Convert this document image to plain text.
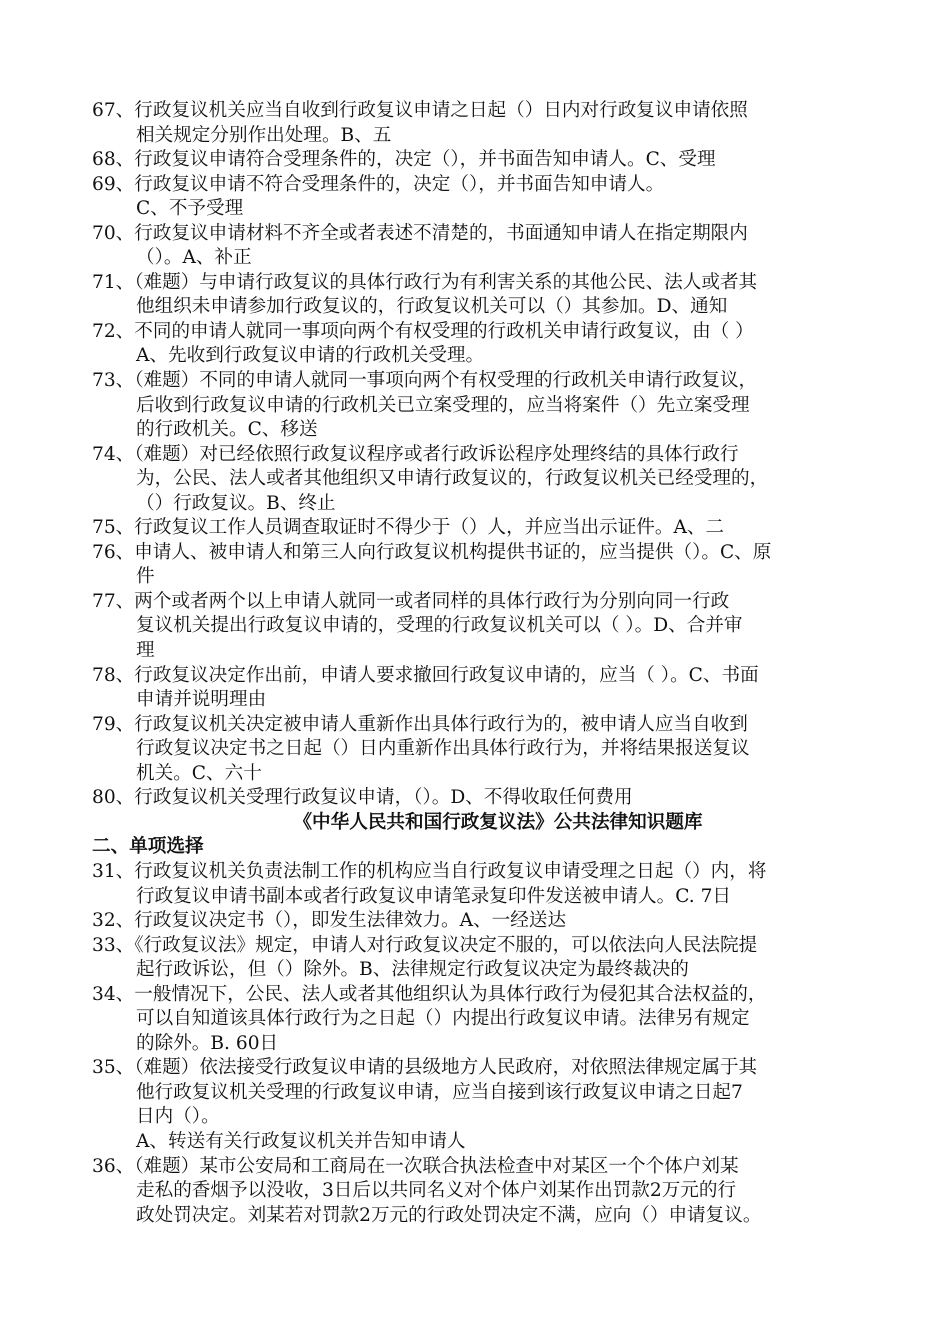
67、行政复议机关应当自收到行政复议申请之日起（）日内对行政复议申请依照
相关规定分别作出处理。B、五
68、行政复议申请符合受理条件的，决定（），并书面告知申请人。C、受理
69、行政复议申请不符合受理条件的，决定（），并书面告知申请人。
C、不予受理
70、行政复议申请材料不齐全或者表述不清楚的，书面通知申请人在指定期限内
（）。A、补正
71、（难题）与申请行政复议的具体行政行为有利害关系的其他公民、法人或者其
他组织未申请参加行政复议的，行政复议机关可以（）其参加。D、通知
72、不同的申请人就同一事项向两个有权受理的行政机关申请行政复议，由（ ）
A、先收到行政复议申请的行政机关受理。
73、（难题）不同的申请人就同一事项向两个有权受理的行政机关申请行政复议，
后收到行政复议申请的行政机关已立案受理的，应当将案件（）先立案受理
的行政机关。C、移送
74、（难题）对已经依照行政复议程序或者行政诉讼程序处理终结的具体行政行
为，公民、法人或者其他组织又申请行政复议的，行政复议机关已经受理的，
（）行政复议。B、终止
75、行政复议工作人员调查取证时不得少于（）人，并应当出示证件。A、二
76、申请人、被申请人和第三人向行政复议机构提供书证的，应当提供（）。C、原
件
77、两个或者两个以上申请人就同一或者同样的具体行政行为分别向同一行政
复议机关提出行政复议申请的，受理的行政复议机关可以（ ）。D、合并审
理
78、行政复议决定作出前，申请人要求撤回行政复议申请的，应当（ ）。C、书面
申请并说明理由
79、行政复议机关决定被申请人重新作出具体行政行为的，被申请人应当自收到
行政复议决定书之日起（）日内重新作出具体行政行为，并将结果报送复议
机关。C、六十
80、行政复议机关受理行政复议申请，（）。D、不得收取任何费用
《中华人民共和国行政复议法》公共法律知识题库
二、单项选择
31、行政复议机关负责法制工作的机构应当自行政复议申请受理之日起（）内，将
行政复议申请书副本或者行政复议申请笔录复印件发送被申请人。C. 7日
32、行政复议决定书（），即发生法律效力。A、一经送达
33、《行政复议法》规定，申请人对行政复议决定不服的，可以依法向人民法院提
起行政诉讼，但（）除外。B、法律规定行政复议决定为最终裁决的
34、一般情况下，公民、法人或者其他组织认为具体行政行为侵犯其合法权益的，
可以自知道该具体行政行为之日起（）内提出行政复议申请。法律另有规定
的除外。B. 60日
35、（难题）依法接受行政复议申请的县级地方人民政府，对依照法律规定属于其
他行政复议机关受理的行政复议申请，应当自接到该行政复议申请之日起7
日内（）。
A、转送有关行政复议机关并告知申请人
36、（难题）某市公安局和工商局在一次联合执法检查中对某区一个个体户刘某
走私的香烟予以没收，3日后以共同名义对个体户刘某作出罚款2万元的行
政处罚决定。刘某若对罚款2万元的行政处罚决定不满，应向（）申请复议。
